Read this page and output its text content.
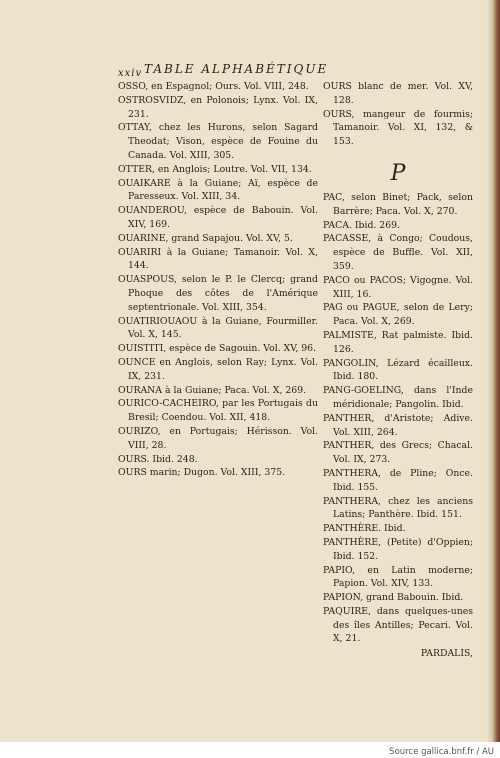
xxiv TABLE ALPHABÉTIQUE

OSSO, en Espagnol; Ours. Vol. VIII, 248.

OSTROSVIDZ, en Polonois; Lynx. Vol. IX, 231.

OTTAY, chez les Hurons, selon Sagard Theodat; Vison, espèce de Fouine du Canada. Vol. XIII, 305.

OTTER, en Anglois; Loutre. Vol. VII, 134.

OUAIKARE à la Guiane; Aï, espèce de Paresseux. Vol. XIII, 34.

OUANDEROU, espèce de Babouin. Vol. XIV, 169.

OUARINE, grand Sapajou. Vol. XV, 5.

OUARIRI à la Guiane; Tamanoir. Vol. X, 144.

OUASPOUS, selon le P. le Clercq; grand Phoque des côtes de l'Amérique septentrionale. Vol. XIII, 354.

OUATIRIOUAOU à la Guiane, Fourmiller. Vol. X, 145.

OUISTITI, espèce de Sagouin. Vol. XV, 96.

OUNCE en Anglois, selon Ray; Lynx. Vol. IX, 231.

OURANA à la Guiane; Paca. Vol. X, 269.

OURICO-CACHEIRO, par les Portugais du Bresil; Coendou. Vol. XII, 418.

OURIZO, en Portugais; Hérisson. Vol. VIII, 28.

OURS. Ibid. 248.

OURS marin; Dugon. Vol. XIII, 375.

OURS blanc de mer. Vol. XV, 128.

OURS, mangeur de fourmis; Tamanoir. Vol. XI, 132, & 153.

P

PAC, selon Binet; Pack, selon Barrère; Paca. Vol. X, 270.

PACA. Ibid. 269.

PACASSE, à Congo; Coudous, espèce de Buffle. Vol. XII, 359.

PACO ou PACOS; Vigogne. Vol. XIII, 16.

PAG ou PAGUE, selon de Lery; Paca. Vol. X, 269.

PALMISTE, Rat palmiste. Ibid. 126.

PANGOLIN, Lézard écailleux. Ibid. 180.

PANG-GOELING, dans l'Inde méridionale; Pangolin. Ibid.

PANTHER, d'Aristote; Adive. Vol. XIII, 264.

PANTHER, des Grecs; Chacal. Vol. IX, 273.

PANTHERA, de Pline; Once. Ibid. 155.

PANTHERA, chez les anciens Latins; Panthère. Ibid. 151.

PANTHÈRE. Ibid.

PANTHÈRE, (Petite) d'Oppien; Ibid. 152.

PAPIO, en Latin moderne; Papion. Vol. XIV, 133.

PAPION, grand Babouin. Ibid.

PAQUIRE, dans quelques-unes des îles Antilles; Pecari. Vol. X, 21.

PARDALIS,

Source gallica.bnf.fr / AU
